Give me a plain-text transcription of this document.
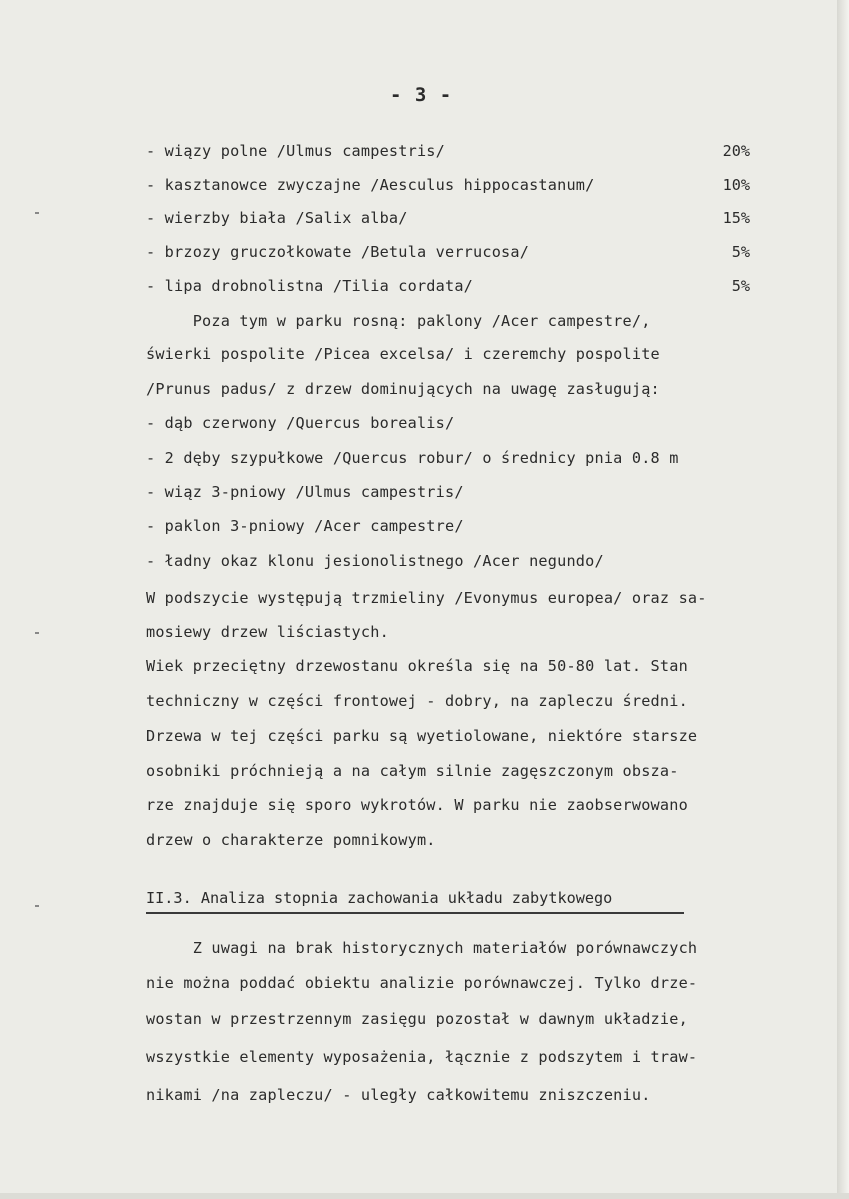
- 3 -
- wiązy polne /Ulmus campestris/	20%
- kasztanowce zwyczajne /Aesculus hippocastanum/	10%
- wierzby biała /Salix alba/	15%
- brzozy gruczołkowate /Betula verrucosa/	5%
- lipa drobnolistna /Tilia cordata/	5%
Poza tym w parku rosną: paklony /Acer campestre/,
świerki pospolite /Picea excelsa/ i czeremchy pospolite
/Prunus padus/ z drzew dominujących na uwagę zasługują:
- dąb czerwony /Quercus borealis/
- 2 dęby szypułkowe /Quercus robur/ o średnicy pnia 0.8 m
- wiąz 3-pniowy /Ulmus campestris/
- paklon 3-pniowy /Acer campestre/
- ładny okaz klonu jesionolistnego /Acer negundo/
W podszycie występują trzmieliny /Evonymus europea/ oraz sa-
mosiewy drzew liściastych.
Wiek przeciętny drzewostanu określa się na 50-80 lat. Stan
techniczny w części frontowej - dobry, na zapleczu średni.
Drzewa w tej części parku są wyetiolowane, niektóre starsze
osobniki próchnieją a na całym silnie zagęszczonym obsza-
rze znajduje się sporo wykrotów. W parku nie zaobserwowano
drzew o charakterze pomnikowym.
II.3. Analiza stopnia zachowania układu zabytkowego
Z uwagi na brak historycznych materiałów porównawczych
nie można poddać obiektu analizie porównawczej. Tylko drze-
wostan w przestrzennym zasięgu pozostał w dawnym układzie,
wszystkie elementy wyposażenia, łącznie z podszytem i traw-
nikami /na zapleczu/ - uległy całkowitemu zniszczeniu.
